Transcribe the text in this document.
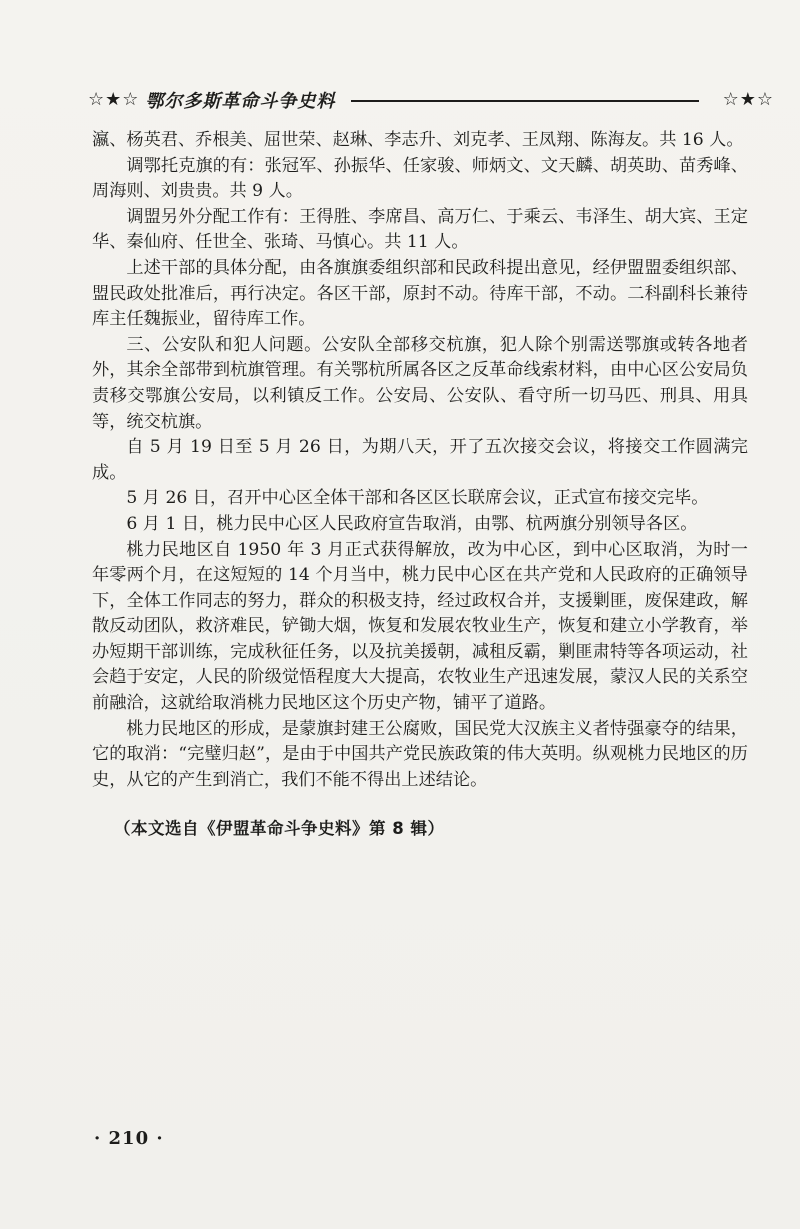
☆★☆ 鄂尔多斯革命斗争史料	☆★☆

瀛、杨英君、乔根美、屈世荣、赵琳、李志升、刘克孝、王凤翔、陈海友。共 16 人。

调鄂托克旗的有：张冠军、孙振华、任家骏、师炳文、文天麟、胡英助、苗秀峰、周海则、刘贵贵。共 9 人。

调盟另外分配工作有：王得胜、李席昌、高万仁、于乘云、韦泽生、胡大宾、王定华、秦仙府、任世全、张琦、马慎心。共 11 人。

上述干部的具体分配，由各旗旗委组织部和民政科提出意见，经伊盟盟委组织部、盟民政处批准后，再行决定。各区干部，原封不动。待库干部，不动。二科副科长兼待库主任魏振业，留待库工作。

三、公安队和犯人问题。公安队全部移交杭旗，犯人除个别需送鄂旗或转各地者外，其余全部带到杭旗管理。有关鄂杭所属各区之反革命线索材料，由中心区公安局负责移交鄂旗公安局，以利镇反工作。公安局、公安队、看守所一切马匹、刑具、用具等，统交杭旗。

自 5 月 19 日至 5 月 26 日，为期八天，开了五次接交会议，将接交工作圆满完成。

5 月 26 日，召开中心区全体干部和各区区长联席会议，正式宣布接交完毕。

6 月 1 日，桃力民中心区人民政府宣告取消，由鄂、杭两旗分别领导各区。

桃力民地区自 1950 年 3 月正式获得解放，改为中心区，到中心区取消，为时一年零两个月，在这短短的 14 个月当中，桃力民中心区在共产党和人民政府的正确领导下，全体工作同志的努力，群众的积极支持，经过政权合并，支援剿匪，废保建政，解散反动团队，救济难民，铲锄大烟，恢复和发展农牧业生产，恢复和建立小学教育，举办短期干部训练，完成秋征任务，以及抗美援朝，减租反霸，剿匪肃特等各项运动，社会趋于安定，人民的阶级觉悟程度大大提高，农牧业生产迅速发展，蒙汉人民的关系空前融洽，这就给取消桃力民地区这个历史产物，铺平了道路。

桃力民地区的形成，是蒙旗封建王公腐败，国民党大汉族主义者恃强豪夺的结果，它的取消：“完璧归赵”，是由于中国共产党民族政策的伟大英明。纵观桃力民地区的历史，从它的产生到消亡，我们不能不得出上述结论。

（本文选自《伊盟革命斗争史料》第 8 辑）
· 210 ·
